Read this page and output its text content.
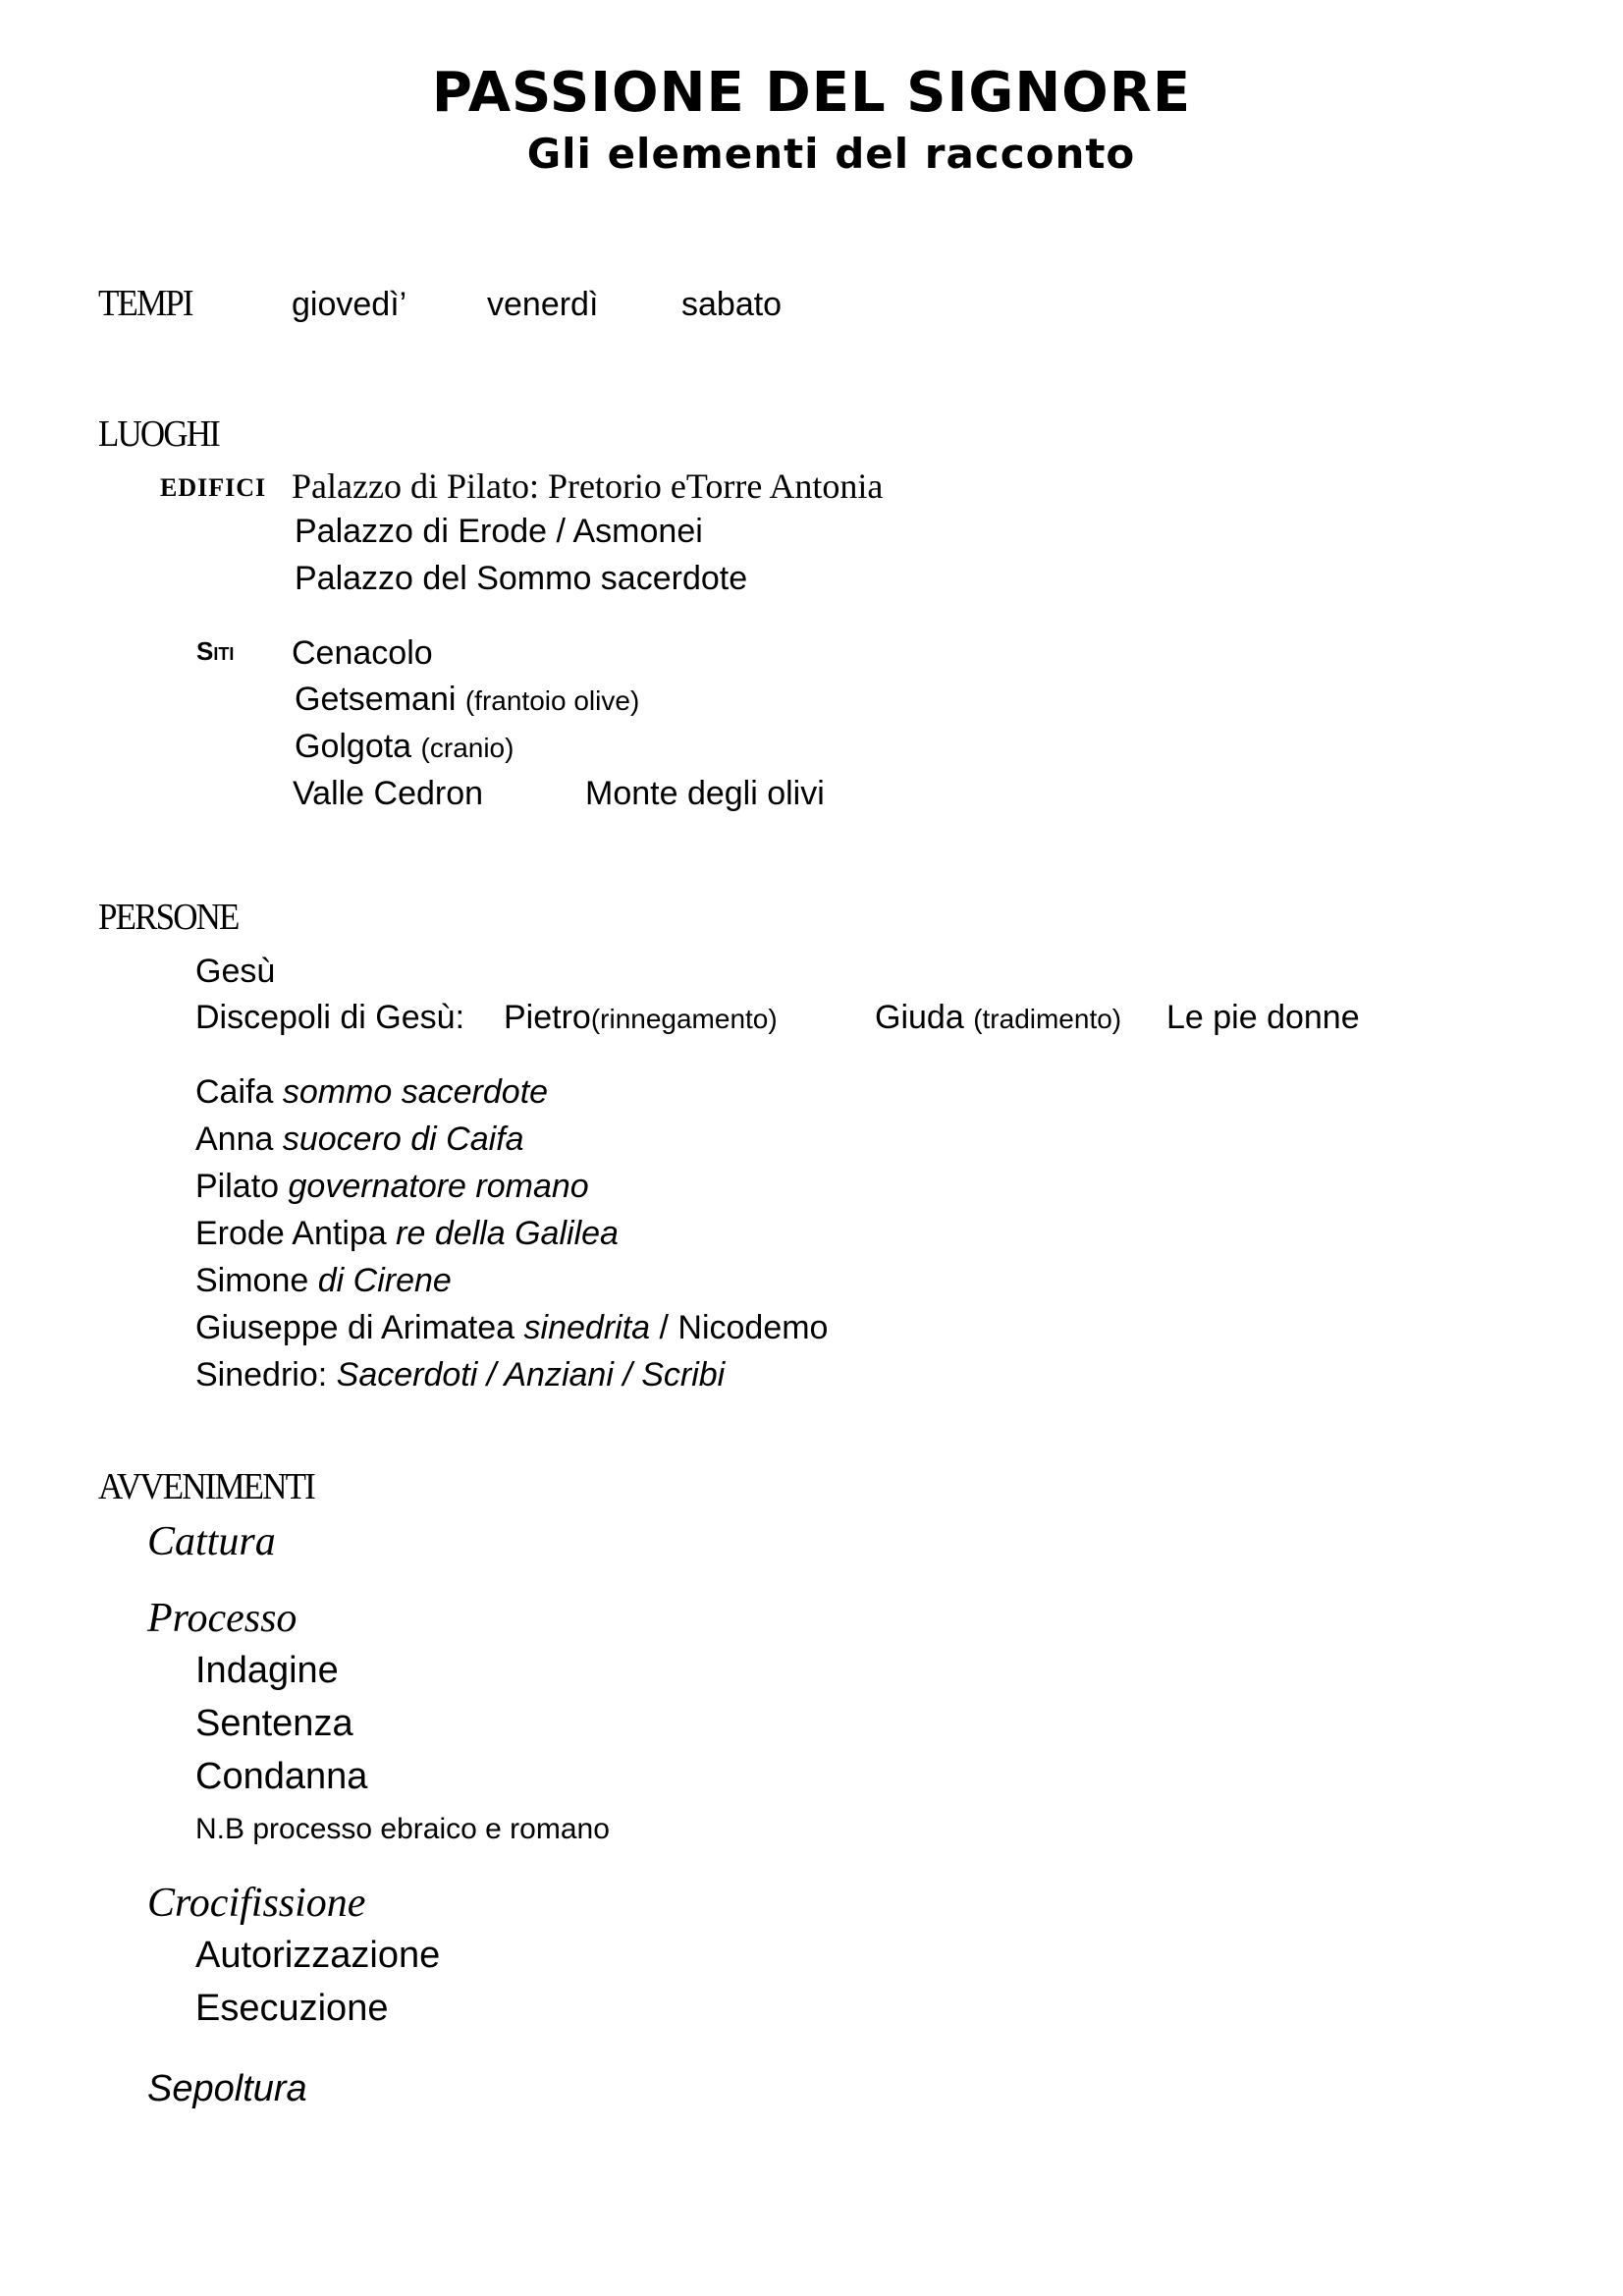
PASSIONE DEL SIGNORE
Gli elementi del racconto
TEMPI	giovedì’ venerdì sabato
LUOGHI
EDIFICI Palazzo di Pilato: Pretorio eTorre Antonia
Palazzo di Erode / Asmonei
Palazzo del Sommo sacerdote
Siti Cenacolo
Getsemani (frantoio olive)
Golgota (cranio)
Valle Cedron	Monte degli olivi
PERSONE
Gesù
Discepoli di Gesù: Pietro(rinnegamento)	Giuda (tradimento) Le pie donne
Caifa sommo sacerdote
Anna suocero di Caifa
Pilato governatore romano
Erode Antipa re della Galilea
Simone di Cirene
Giuseppe di Arimatea sinedrita / Nicodemo
Sinedrio: Sacerdoti / Anziani / Scribi
AVVENIMENTI
Cattura
Processo
Indagine
Sentenza
Condanna
N.B processo ebraico e romano
Crocifissione
Autorizzazione
Esecuzione
Sepoltura
